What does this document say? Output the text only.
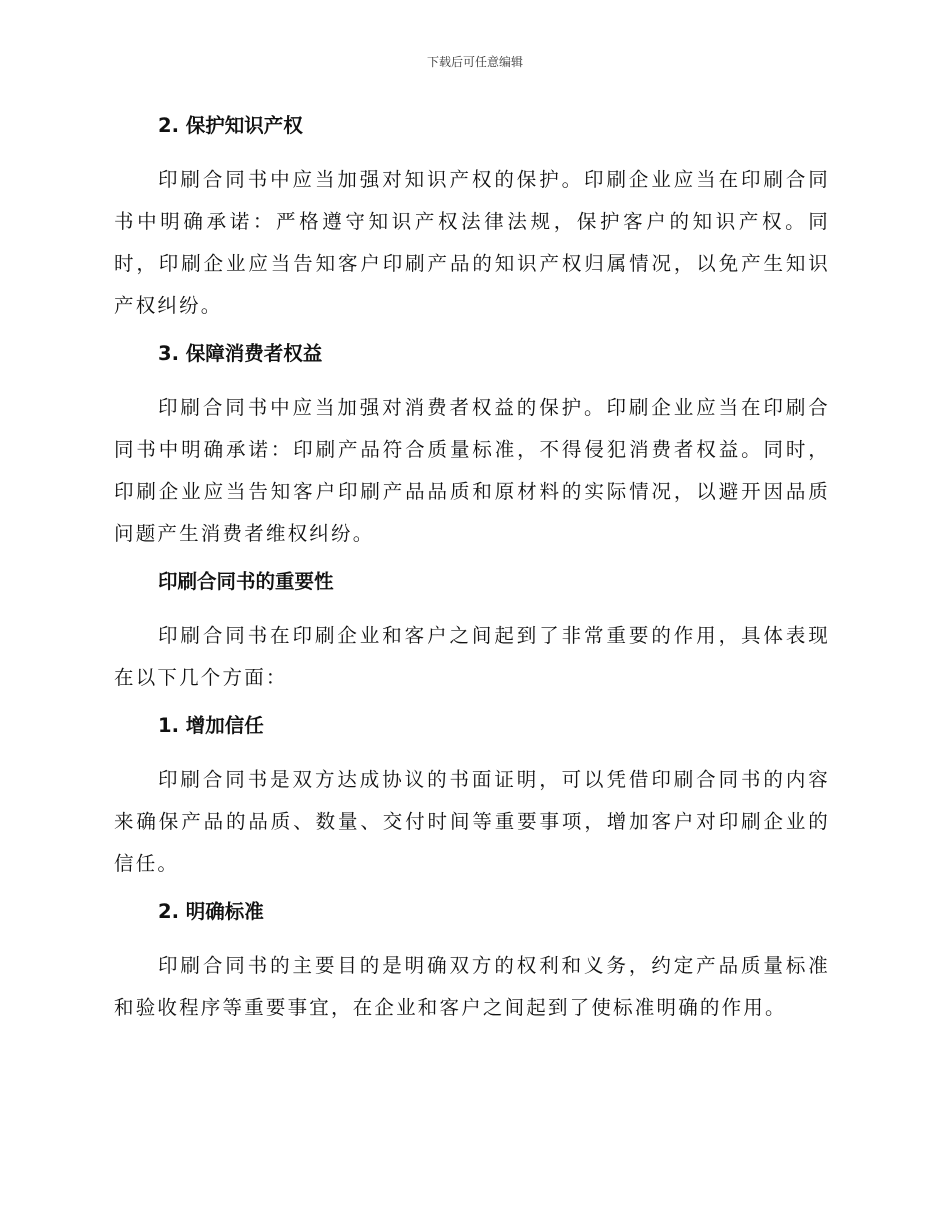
下载后可任意编辑
2. 保护知识产权

印刷合同书中应当加强对知识产权的保护。印刷企业应当在印刷合同书中明确承诺：严格遵守知识产权法律法规，保护客户的知识产权。同时，印刷企业应当告知客户印刷产品的知识产权归属情况，以免产生知识产权纠纷。

3. 保障消费者权益

印刷合同书中应当加强对消费者权益的保护。印刷企业应当在印刷合同书中明确承诺：印刷产品符合质量标准，不得侵犯消费者权益。同时，印刷企业应当告知客户印刷产品品质和原材料的实际情况，以避开因品质问题产生消费者维权纠纷。

印刷合同书的重要性

印刷合同书在印刷企业和客户之间起到了非常重要的作用，具体表现在以下几个方面：

1. 增加信任

印刷合同书是双方达成协议的书面证明，可以凭借印刷合同书的内容来确保产品的品质、数量、交付时间等重要事项，增加客户对印刷企业的信任。

2. 明确标准

印刷合同书的主要目的是明确双方的权利和义务，约定产品质量标准和验收程序等重要事宜，在企业和客户之间起到了使标准明确的作用。
